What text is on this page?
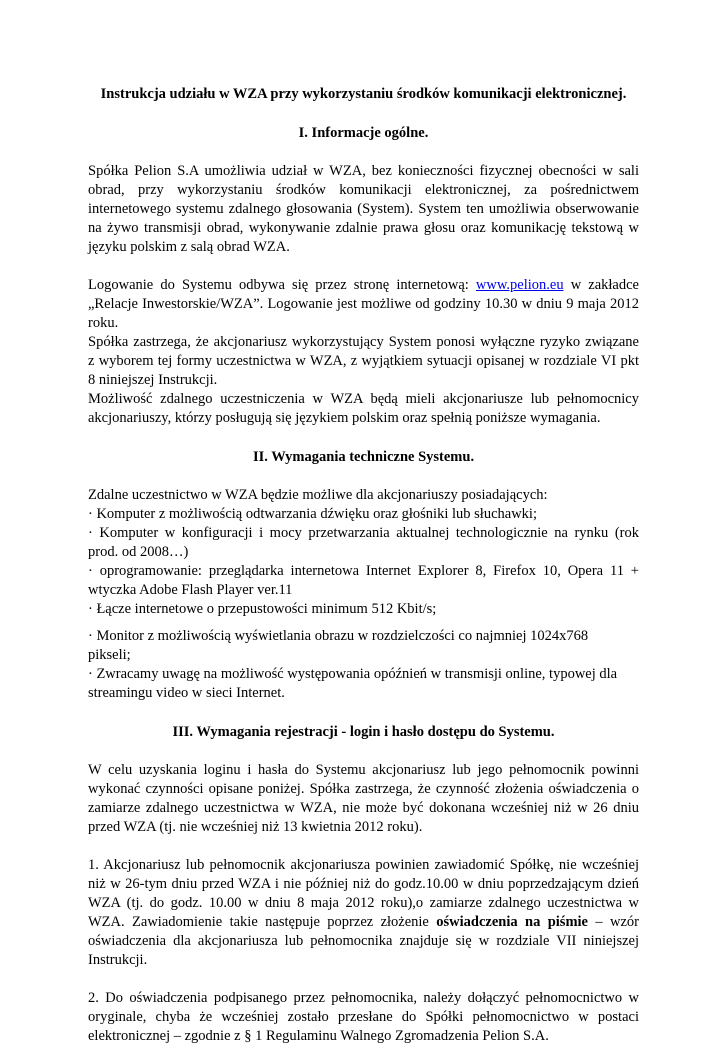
Instrukcja udziału w WZA przy wykorzystaniu środków komunikacji elektronicznej.

I. Informacje ogólne.

Spółka Pelion S.A umożliwia udział w WZA, bez konieczności fizycznej obecności w sali
obrad, przy wykorzystaniu środków komunikacji elektronicznej, za pośrednictwem
internetowego systemu zdalnego głosowania (System). System ten umożliwia obserwowanie
na żywo transmisji obrad, wykonywanie zdalnie prawa głosu oraz komunikację tekstową w
języku polskim z salą obrad WZA.
Logowanie do Systemu odbywa się przez stronę internetową: www.pelion.eu w zakładce
„Relacje Inwestorskie/WZA”. Logowanie jest możliwe od godziny 10.30 w dniu 9 maja 2012
roku.
Spółka zastrzega, że akcjonariusz wykorzystujący System ponosi wyłączne ryzyko związane
z wyborem tej formy uczestnictwa w WZA, z wyjątkiem sytuacji opisanej w rozdziale VI pkt
8 niniejszej Instrukcji.
Możliwość zdalnego uczestniczenia w WZA będą mieli akcjonariusze lub pełnomocnicy
akcjonariuszy, którzy posługują się językiem polskim oraz spełnią poniższe wymagania.

II. Wymagania techniczne Systemu.

Zdalne uczestnictwo w WZA będzie możliwe dla akcjonariuszy posiadających:
· Komputer z możliwością odtwarzania dźwięku oraz głośniki lub słuchawki;
· Komputer w konfiguracji i mocy przetwarzania aktualnej technologicznie na rynku (rok
prod. od 2008…)
· oprogramowanie: przeglądarka internetowa Internet Explorer 8, Firefox 10, Opera 11 +
wtyczka Adobe Flash Player ver.11
· Łącze internetowe o przepustowości minimum 512 Kbit/s;
· Monitor z możliwością wyświetlania obrazu w rozdzielczości co najmniej 1024x768
pikseli;
· Zwracamy uwagę na możliwość występowania opóźnień w transmisji online, typowej dla
streamingu video w sieci Internet.

III. Wymagania rejestracji - login i hasło dostępu do Systemu.

W celu uzyskania loginu i hasła do Systemu akcjonariusz lub jego pełnomocnik powinni
wykonać czynności opisane poniżej. Spółka zastrzega, że czynność złożenia oświadczenia o
zamiarze zdalnego uczestnictwa w WZA, nie może być dokonana wcześniej niż w 26 dniu
przed WZA (tj. nie wcześniej niż 13 kwietnia 2012 roku).
1. Akcjonariusz lub pełnomocnik akcjonariusza powinien zawiadomić Spółkę, nie wcześniej
niż w 26-tym dniu przed WZA i nie później niż do godz.10.00 w dniu poprzedzającym dzień
WZA (tj. do godz. 10.00 w dniu 8 maja 2012 roku),o zamiarze zdalnego uczestnictwa w
WZA. Zawiadomienie takie następuje poprzez złożenie oświadczenia na piśmie – wzór
oświadczenia dla akcjonariusza lub pełnomocnika znajduje się w rozdziale VII niniejszej
Instrukcji.
2. Do oświadczenia podpisanego przez pełnomocnika, należy dołączyć pełnomocnictwo w
oryginale, chyba że wcześniej zostało przesłane do Spółki pełnomocnictwo w postaci
elektronicznej – zgodnie z § 1 Regulaminu Walnego Zgromadzenia Pelion S.A.
